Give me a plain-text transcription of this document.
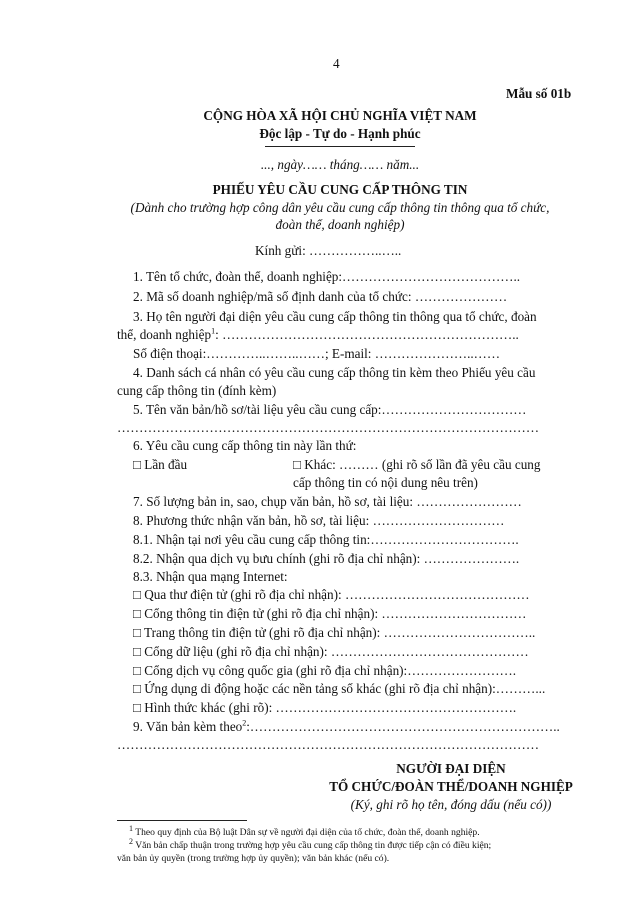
4
Mẫu số 01b
CỘNG HÒA XÃ HỘI CHỦ NGHĨA VIỆT NAM
Độc lập - Tự do - Hạnh phúc
..., ngày…… tháng…… năm...
PHIẾU YÊU CẦU CUNG CẤP THÔNG TIN
(Dành cho trường hợp công dân yêu cầu cung cấp thông tin thông qua tổ chức,
đoàn thể, doanh nghiệp)
Kính gửi: ……………..…..
1. Tên tổ chức, đoàn thể, doanh nghiệp:…………………………………..
2. Mã số doanh nghiệp/mã số định danh của tổ chức: …………………
3. Họ tên người đại diện yêu cầu cung cấp thông tin thông qua tổ chức, đoàn
thể, doanh nghiệp$^1$: …………………………………………………………..
Số điện thoại:…………..……..……; E-mail: …………………..……
4. Danh sách cá nhân có yêu cầu cung cấp thông tin kèm theo Phiếu yêu cầu
cung cấp thông tin (đính kèm)
5. Tên văn bản/hồ sơ/tài liệu yêu cầu cung cấp:……………………………
……………………………………………………………………………………
6. Yêu cầu cung cấp thông tin này lần thứ:
□ Lần đầu	□ Khác: ……… (ghi rõ số lần đã yêu cầu cung
cấp thông tin có nội dung nêu trên)
7. Số lượng bản in, sao, chụp văn bản, hồ sơ, tài liệu: ……………………
8. Phương thức nhận văn bản, hồ sơ, tài liệu: …………………………
8.1. Nhận tại nơi yêu cầu cung cấp thông tin:…………………………….
8.2. Nhận qua dịch vụ bưu chính (ghi rõ địa chỉ nhận): ………………….
8.3. Nhận qua mạng Internet:
□ Qua thư điện tử (ghi rõ địa chỉ nhận): ……………………………………
□ Cổng thông tin điện tử (ghi rõ địa chỉ nhận): ……………………………
□ Trang thông tin điện tử (ghi rõ địa chỉ nhận): ……………………………..
□ Cổng dữ liệu (ghi rõ địa chỉ nhận): ………………………………………
□ Cổng dịch vụ công quốc gia (ghi rõ địa chỉ nhận):…………………….
□ Ứng dụng di động hoặc các nền tảng số khác (ghi rõ địa chỉ nhận):………...
□ Hình thức khác (ghi rõ): ……………………………………………….
9. Văn bản kèm theo$^2$:……………………………………………………………..
……………………………………………………………………………………
NGƯỜI ĐẠI DIỆN
TỔ CHỨC/ĐOÀN THỂ/DOANH NGHIỆP
(Ký, ghi rõ họ tên, đóng dấu (nếu có))
$^1$ Theo quy định của Bộ luật Dân sự về người đại diện của tổ chức, đoàn thể, doanh nghiệp.
$^2$ Văn bản chấp thuận trong trường hợp yêu cầu cung cấp thông tin được tiếp cận có điều kiện;
văn bản ủy quyền (trong trường hợp ủy quyền); văn bản khác (nếu có).
